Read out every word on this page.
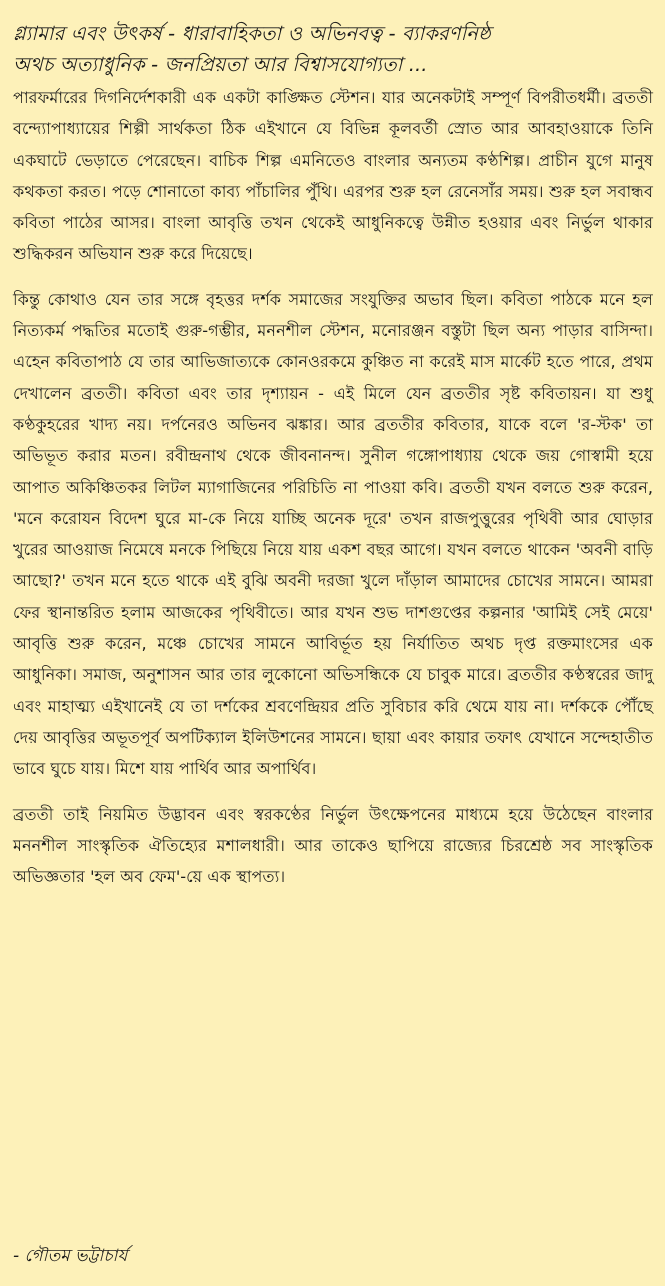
গ্ল্যামার এবং উৎকর্ষ - ধারাবাহিকতা ও অভিনবত্ব - ব্যাকরণনিষ্ঠ
অথচ অত্যাধুনিক - জনপ্রিয়তা আর বিশ্বাসযোগ্যতা ...

পারফর্মারের দিগনির্দেশকারী এক একটা কাঙ্ক্ষিত স্টেশন। যার অনেকটাই সম্পূর্ণ বিপরীতধর্মী। ব্রততী বন্দ্যোপাধ্যায়ের শিল্পী সার্থকতা ঠিক এইখানে যে বিভিন্ন কূলবর্তী স্রোত আর আবহাওয়াকে তিনি একঘাটে ভেড়াতে পেরেছেন। বাচিক শিল্প এমনিতেও বাংলার অন্যতম কণ্ঠশিল্প। প্রাচীন যুগে মানুষ কথকতা করত। পড়ে শোনাতো কাব্য পাঁচালির পুঁথি। এরপর শুরু হল রেনেসাঁর সময়। শুরু হল সবান্ধব কবিতা পাঠের আসর। বাংলা আবৃত্তি তখন থেকেই আধুনিকত্বে উন্নীত হওয়ার এবং নির্ভুল থাকার শুদ্ধিকরন অভিযান শুরু করে দিয়েছে।

কিন্তু কোথাও যেন তার সঙ্গে বৃহত্তর দর্শক সমাজের সংযুক্তির অভাব ছিল। কবিতা পাঠকে মনে হল নিত্যকর্ম পদ্ধতির মতোই গুরু-গম্ভীর, মননশীল স্টেশন, মনোরঞ্জন বস্তুটা ছিল অন্য পাড়ার বাসিন্দা। এহেন কবিতাপাঠ যে তার আভিজাত্যকে কোনওরকমে কুঞ্চিত না করেই মাস মার্কেট হতে পারে, প্রথম দেখালেন ব্রততী। কবিতা এবং তার দৃশ্যায়ন - এই মিলে যেন ব্রততীর সৃষ্ট কবিতায়ন। যা শুধু কণ্ঠকুহরের খাদ্য নয়। দর্পনেরও অভিনব ঝঙ্কার। আর ব্রততীর কবিতার, যাকে বলে 'র-স্টক' তা অভিভূত করার মতন। রবীন্দ্রনাথ থেকে জীবনানন্দ। সুনীল গঙ্গোপাধ্যায় থেকে জয় গোস্বামী হয়ে আপাত অকিঞ্চিতকর লিটল ম্যাগাজিনের পরিচিতি না পাওয়া কবি। ব্রততী যখন বলতে শুরু করেন, 'মনে করোযন বিদেশ ঘুরে মা-কে নিয়ে যাচ্ছি অনেক দূরে' তখন রাজপুত্তুরের পৃথিবী আর ঘোড়ার খুরের আওয়াজ নিমেষে মনকে পিছিয়ে নিয়ে যায় একশ বছর আগে। যখন বলতে থাকেন 'অবনী বাড়ি আছো?' তখন মনে হতে থাকে এই বুঝি অবনী দরজা খুলে দাঁড়াল আমাদের চোখের সামনে। আমরা ফের স্থানান্তরিত হলাম আজকের পৃথিবীতে। আর যখন শুভ দাশগুপ্তের কল্পনার 'আমিই সেই মেয়ে' আবৃত্তি শুরু করেন, মঞ্চে চোখের সামনে আবির্ভূত হয় নির্যাতিত অথচ দৃপ্ত রক্তমাংসের এক আধুনিকা। সমাজ, অনুশাসন আর তার লুকোনো অভিসন্ধিকে যে চাবুক মারে। ব্রততীর কণ্ঠস্বরের জাদু এবং মাহাত্ম্য এইখানেই যে তা দর্শকের শ্রবণেন্দ্রিয়র প্রতি সুবিচার করি থেমে যায় না। দর্শককে পৌঁছে দেয় আবৃত্তির অভূতপূর্ব অপটিক্যাল ইলিউশনের সামনে। ছায়া এবং কায়ার তফাৎ যেখানে সন্দেহাতীত ভাবে ঘুচে যায়। মিশে যায় পার্থিব আর অপার্থিব।

ব্রততী তাই নিয়মিত উদ্ভাবন এবং স্বরকণ্ঠের নির্ভুল উৎক্ষেপনের মাধ্যমে হয়ে উঠেছেন বাংলার মননশীল সাংস্কৃতিক ঐতিহ্যের মশালধারী। আর তাকেও ছাপিয়ে রাজ্যের চিরশ্রেষ্ঠ সব সাংস্কৃতিক অভিজ্ঞতার 'হল অব ফেম'-য়ে এক স্থাপত্য।

- গৌতম ভট্টাচার্য
